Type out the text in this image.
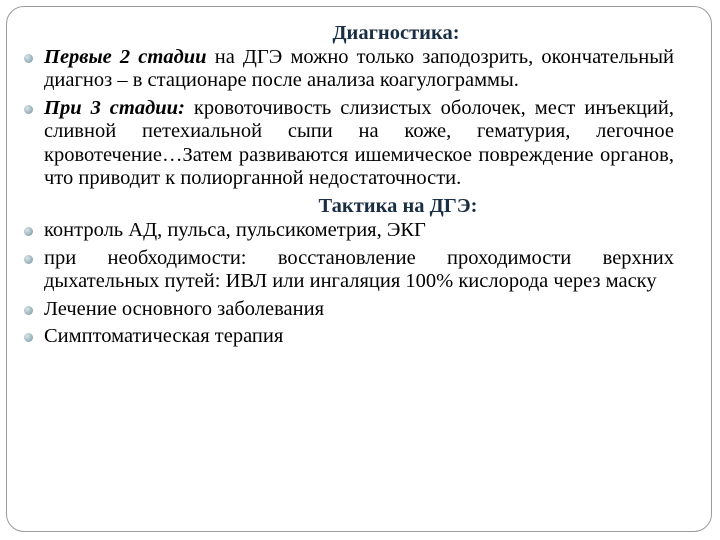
Диагностика:

Первые 2 стадии на ДГЭ можно только заподозрить, окончательный диагноз – в стационаре после анализа коагулограммы.
При 3 стадии: кровоточивость слизистых оболочек, мест инъекций, сливной петехиальной сыпи на коже, гематурия, легочное кровотечение…Затем развиваются ишемическое повреждение органов, что приводит к полиорганной недостаточности.

Тактика на ДГЭ:

контроль АД, пульса, пульсикометрия, ЭКГ
при необходимости: восстановление проходимости верхних дыхательных путей: ИВЛ или ингаляция 100% кислорода через маску
Лечение основного заболевания
Симптоматическая терапия
